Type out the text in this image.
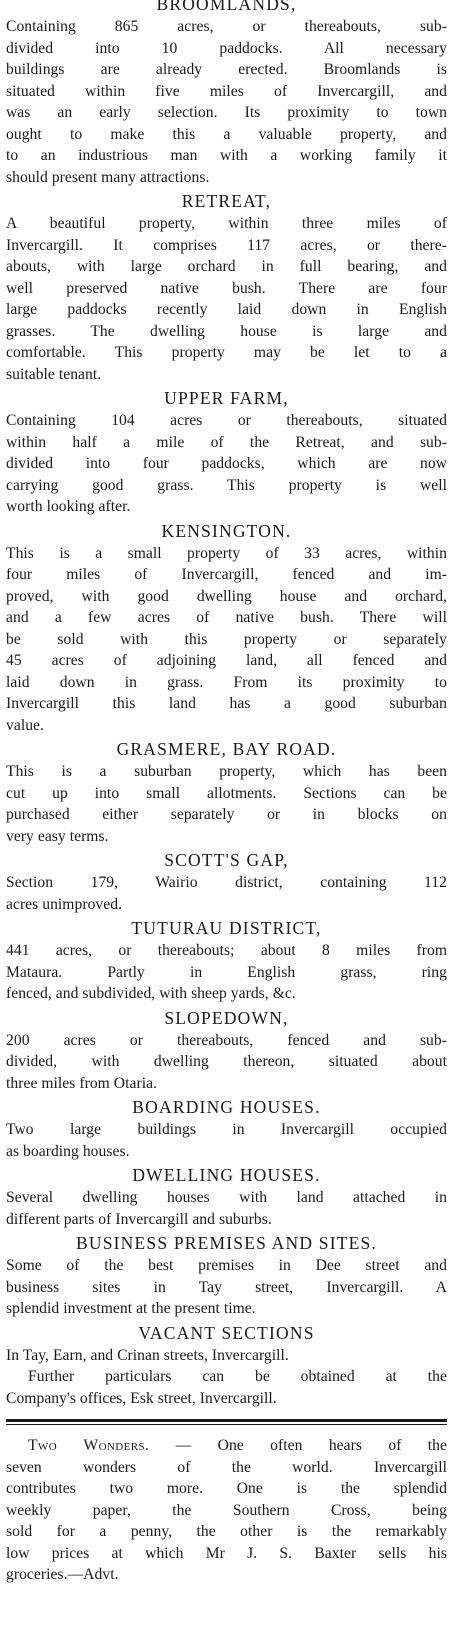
BROOMLANDS,
Containing 865 acres, or thereabouts, sub-
divided into 10 paddocks. All necessary
buildings are already erected. Broomlands is
situated within five miles of Invercargill, and
was an early selection. Its proximity to town
ought to make this a valuable property, and
to an industrious man with a working family it
should present many attractions.
RETREAT,
A beautiful property, within three miles of
Invercargill. It comprises 117 acres, or there-
abouts, with large orchard in full bearing, and
well preserved native bush. There are four
large paddocks recently laid down in English
grasses. The dwelling house is large and
comfortable. This property may be let to a
suitable tenant.
UPPER FARM,
Containing 104 acres or thereabouts, situated
within half a mile of the Retreat, and sub-
divided into four paddocks, which are now
carrying good grass. This property is well
worth looking after.
KENSINGTON.
This is a small property of 33 acres, within
four miles of Invercargill, fenced and im-
proved, with good dwelling house and orchard,
and a few acres of native bush. There will
be sold with this property or separately
45 acres of adjoining land, all fenced and
laid down in grass. From its proximity to
Invercargill this land has a good suburban
value.
GRASMERE, BAY ROAD.
This is a suburban property, which has been
cut up into small allotments. Sections can be
purchased either separately or in blocks on
very easy terms.
SCOTT'S GAP,
Section 179, Wairio district, containing 112
acres unimproved.
TUTURAU DISTRICT,
441 acres, or thereabouts; about 8 miles from
Mataura. Partly in English grass, ring
fenced, and subdivided, with sheep yards, &c.
SLOPEDOWN,
200 acres or thereabouts, fenced and sub-
divided, with dwelling thereon, situated about
three miles from Otaria.
BOARDING HOUSES.
Two large buildings in Invercargill occupied
as boarding houses.
DWELLING HOUSES.
Several dwelling houses with land attached in
different parts of Invercargill and suburbs.
BUSINESS PREMISES AND SITES.
Some of the best premises in Dee street and
business sites in Tay street, Invercargill. A
splendid investment at the present time.
VACANT SECTIONS
In Tay, Earn, and Crinan streets, Invercargill.
Further particulars can be obtained at the
Company's offices, Esk street, Invercargill.
Two Wonders. — One often hears of the
seven wonders of the world. Invercargill
contributes two more. One is the splendid
weekly paper, the Southern Cross, being
sold for a penny, the other is the remarkably
low prices at which Mr J. S. Baxter sells his
groceries.—Advt.
